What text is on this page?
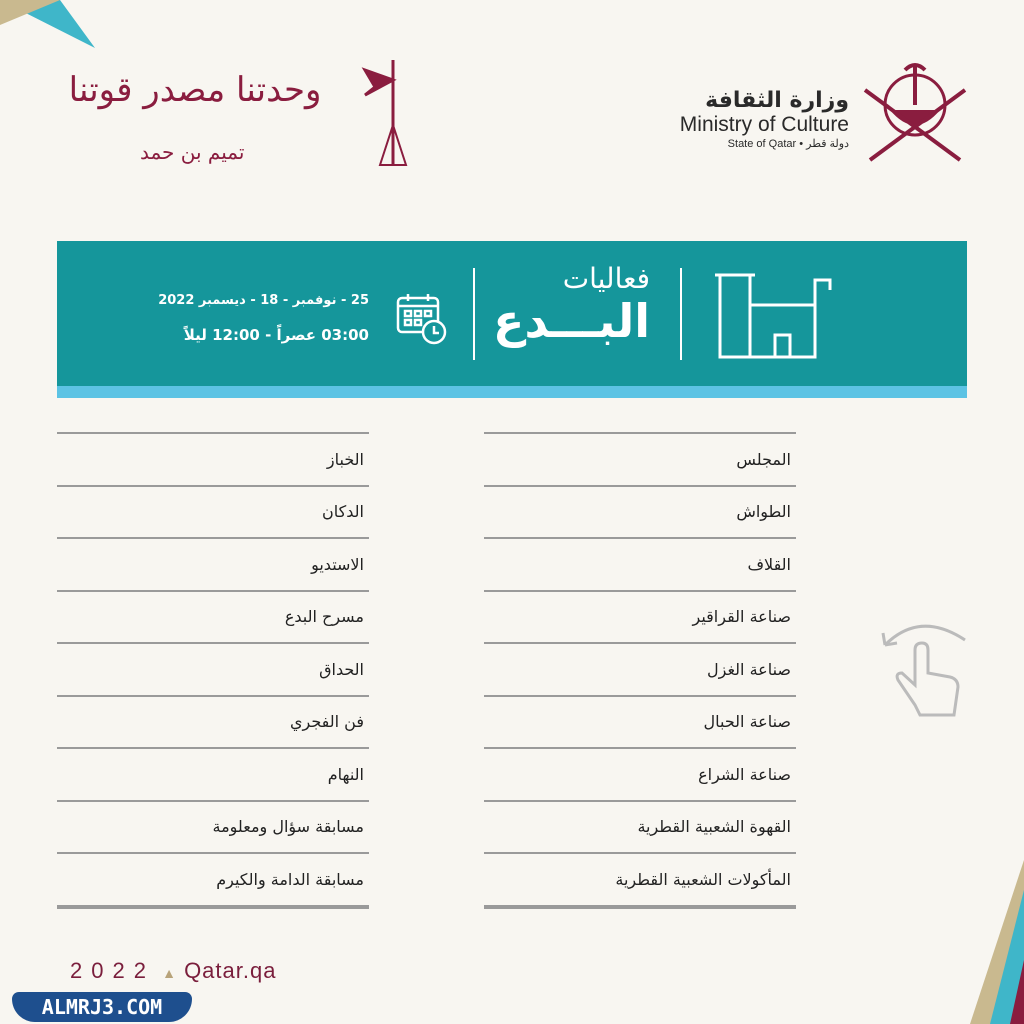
وحدتنا مصدر قوتنا
تميم بن حمد
وزارة الثقافة
Ministry of Culture
State of Qatar • دولة قطر
فعاليات
البـــدع
25 - نوفمبر - 18 - ديسمبر 2022
03:00 عصراً - 12:00 ليلاً
المجلس
الطواش
القلاف
صناعة القراقير
صناعة الغزل
صناعة الحبال
صناعة الشراع
القهوة الشعبية القطرية
المأكولات الشعبية القطرية
الخباز
الدكان
الاستديو
مسرح البدع
الحداق
فن الفجري
النهام
مسابقة سؤال ومعلومة
مسابقة الدامة والكيرم
2022 ▲ Qatar.qa
ALMRJ3.COM
